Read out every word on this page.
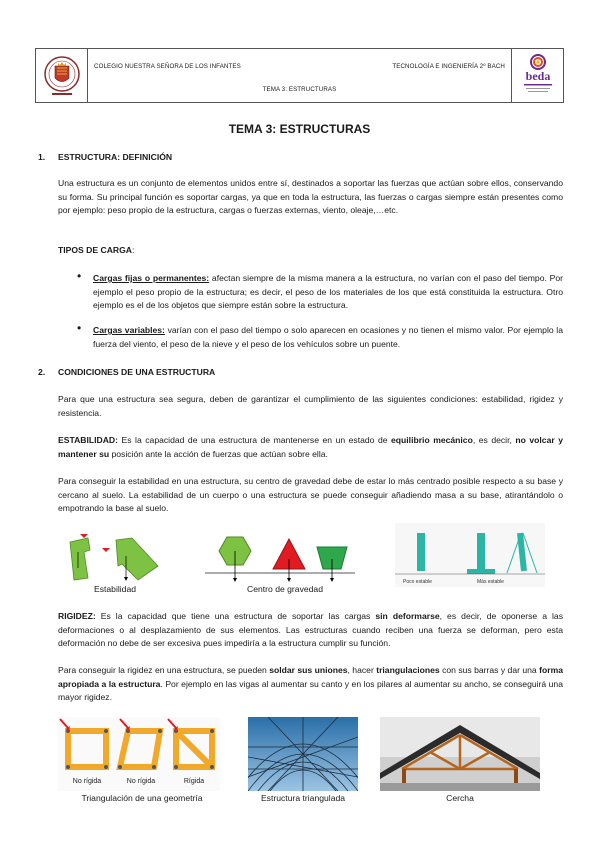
COLEGIO NUESTRA SEÑORA DE LOS INFANTES	TECNOLOGÍA E INGENIERÍA 2º BACH
TEMA 3: ESTRUCTURAS
beda
TEMA 3: ESTRUCTURAS
1. ESTRUCTURA: DEFINICIÓN
Una estructura es un conjunto de elementos unidos entre sí, destinados a soportar las fuerzas que actúan sobre ellos, conservando su forma. Su principal función es soportar cargas, ya que en toda la estructura, las fuerzas o cargas siempre están presentes como por ejemplo: peso propio de la estructura, cargas o fuerzas externas, viento, oleaje,…etc.
TIPOS DE CARGA:
• Cargas fijas o permanentes: afectan siempre de la misma manera a la estructura, no varían con el paso del tiempo. Por ejemplo el peso propio de la estructura; es decir, el peso de los materiales de los que está constituida la estructura. Otro ejemplo es el de los objetos que siempre están sobre la estructura.
• Cargas variables: varían con el paso del tiempo o solo aparecen en ocasiones y no tienen el mismo valor. Por ejemplo la fuerza del viento, el peso de la nieve y el peso de los vehículos sobre un puente.
2. CONDICIONES DE UNA ESTRUCTURA
Para que una estructura sea segura, deben de garantizar el cumplimiento de las siguientes condiciones: estabilidad, rigidez y resistencia.
ESTABILIDAD: Es la capacidad de una estructura de mantenerse en un estado de equilibrio mecánico, es decir, no volcar y mantener su posición ante la acción de fuerzas que actúan sobre ella.
Para conseguir la estabilidad en una estructura, su centro de gravedad debe de estar lo más centrado posible respecto a su base y cercano al suelo. La estabilidad de un cuerpo o una estructura se puede conseguir añadiendo masa a su base, atirantándolo o empotrando la base al suelo.
Estabilidad	Centro de gravedad
Poco estable	Más estable
RIGIDEZ: Es la capacidad que tiene una estructura de soportar las cargas sin deformarse, es decir, de oponerse a las deformaciones o al desplazamiento de sus elementos. Las estructuras cuando reciben una fuerza se deforman, pero esta deformación no debe de ser excesiva pues impediría a la estructura cumplir su función.
Para conseguir la rigidez en una estructura, se pueden soldar sus uniones, hacer triangulaciones con sus barras y dar una forma apropiada a la estructura. Por ejemplo en las vigas al aumentar su canto y en los pilares al aumentar su ancho, se conseguirá una mayor rigidez.
No rígida	No rígida	Rígida
Triangulación de una geometría	Estructura triangulada	Cercha
